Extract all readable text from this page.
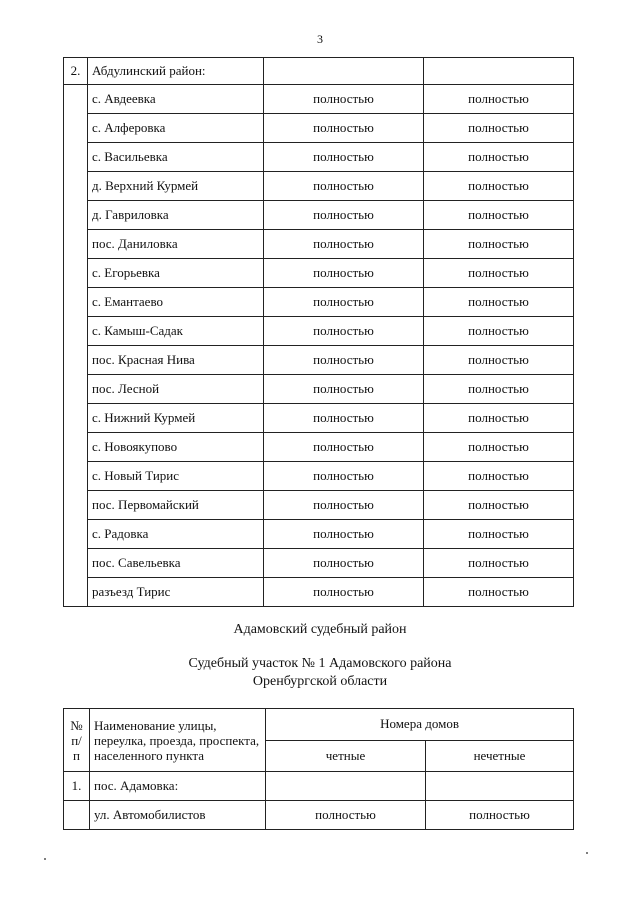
3
2.	Абдулинский район:		
	с. Авдеевка	полностью	полностью
	с. Алферовка	полностью	полностью
	с. Васильевка	полностью	полностью
	д. Верхний Курмей	полностью	полностью
	д. Гавриловка	полностью	полностью
	пос. Даниловка	полностью	полностью
	с. Егорьевка	полностью	полностью
	с. Емантаево	полностью	полностью
	с. Камыш-Садак	полностью	полностью
	пос. Красная Нива	полностью	полностью
	пос. Лесной	полностью	полностью
	с. Нижний Курмей	полностью	полностью
	с. Новоякупово	полностью	полностью
	с. Новый Тирис	полностью	полностью
	пос. Первомайский	полностью	полностью
	с. Радовка	полностью	полностью
	пос. Савельевка	полностью	полностью
	разъезд Тирис	полностью	полностью
Адамовский судебный район
Судебный участок № 1 Адамовского района
Оренбургской области
№ п/п	Наименование улицы, переулка, проезда, проспекта, населенного пункта	Номера домов	
		четные	нечетные
1.	пос. Адамовка:		
	ул. Автомобилистов	полностью	полностью
